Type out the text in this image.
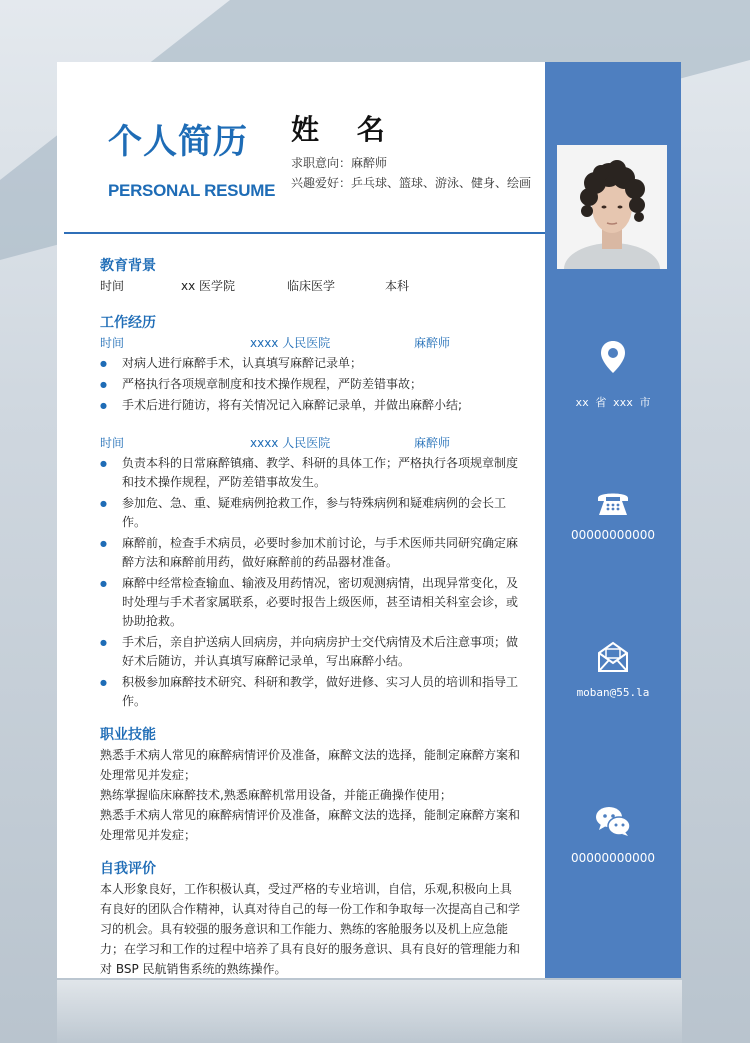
个人简历
PERSONAL RESUME
姓 名
求职意向：麻醉师
兴趣爱好：乒乓球、篮球、游泳、健身、绘画
教育背景
时间	xx 医学院	临床医学	本科
工作经历
时间	xxxx 人民医院	麻醉师
● 对病人进行麻醉手术，认真填写麻醉记录单；
● 严格执行各项规章制度和技术操作规程，严防差错事故；
● 手术后进行随访，将有关情况记入麻醉记录单，并做出麻醉小结;
时间	xxxx 人民医院	麻醉师
● 负责本科的日常麻醉镇痛、教学、科研的具体工作；严格执行各项规章制度和技术操作规程，严防差错事故发生。
● 参加危、急、重、疑难病例抢救工作，参与特殊病例和疑难病例的会长工作。
● 麻醉前，检查手术病员，必要时参加术前讨论，与手术医师共同研究确定麻醉方法和麻醉前用药，做好麻醉前的药品器材准备。
● 麻醉中经常检查输血、输液及用药情况，密切观测病情，出现异常变化，及时处理与手术者家属联系，必要时报告上级医师，甚至请相关科室会诊，或协助抢救。
● 手术后，亲自护送病人回病房，并向病房护士交代病情及术后注意事项；做好术后随访，并认真填写麻醉记录单，写出麻醉小结。
● 积极参加麻醉技术研究、科研和教学，做好进修、实习人员的培训和指导工作。
职业技能

熟悉手术病人常见的麻醉病情评价及准备，麻醉文法的选择，能制定麻醉方案和处理常见并发症；

熟练掌握临床麻醉技术,熟悉麻醉机常用设备，并能正确操作使用；

熟悉手术病人常见的麻醉病情评价及准备，麻醉文法的选择，能制定麻醉方案和处理常见并发症；

自我评价

本人形象良好，工作积极认真，受过严格的专业培训，自信，乐观,积极向上具有良好的团队合作精神，认真对待自己的每一份工作和争取每一次提高自己和学习的机会。具有较强的服务意识和工作能力、熟练的客舱服务以及机上应急能力；在学习和工作的过程中培养了具有良好的服务意识、具有良好的管理能力和对 BSP 民航销售系统的熟练操作。

xx 省 xxx 市
00000000000
moban@55.la
00000000000
